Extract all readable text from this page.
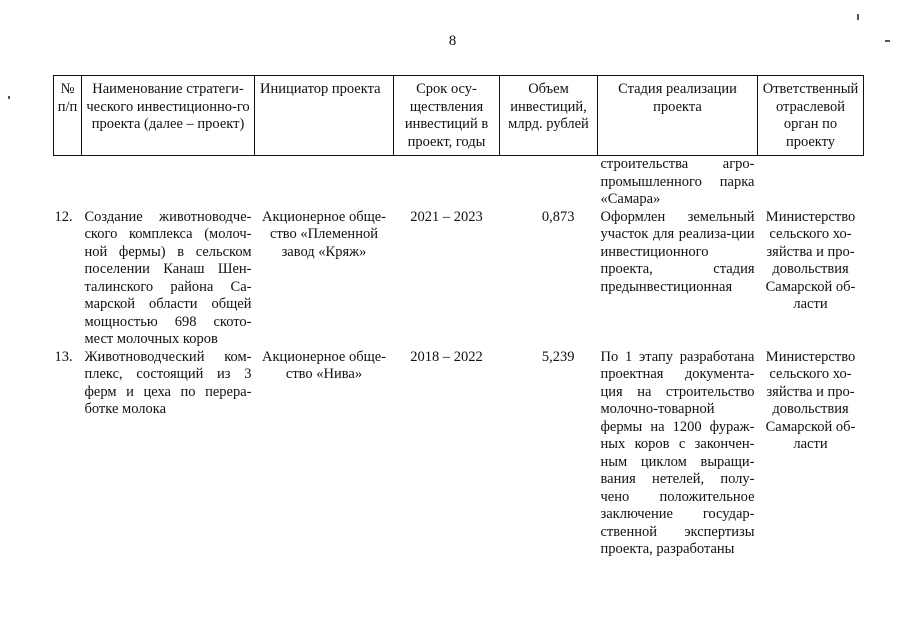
8
№ п/п	Наименование стратеги-ческого инвестиционно-го проекта (далее – проект)	Инициатор проекта	Срок осу-ществления инвестиций в проект, годы	Объем инвестиций, млрд. рублей	Стадия реализации проекта	Ответственный отраслевой орган по проекту
					строительства агро-промышленного парка «Самара»	
12.	Создание животноводче-ского комплекса (молоч-ной фермы) в сельском поселении Канаш Шен-талинского района Са-марской области общей мощностью 698 ското-мест молочных коров	Акционерное обще-ство «Племенной завод «Кряж»	2021 – 2023	0,873	Оформлен земельный участок для реализа-ции инвестиционного проекта, стадия предынвестиционная	Министерство сельского хо-зяйства и про-довольствия Самарской об-ласти
13.	Животноводческий ком-плекс, состоящий из 3 ферм и цеха по перера-ботке молока	Акционерное обще-ство «Нива»	2018 – 2022	5,239	По 1 этапу разработана проектная документа-ция на строительство молочно-товарной фермы на 1200 фураж-ных коров с закончен-ным циклом выращи-вания нетелей, полу-чено положительное заключение государ-ственной экспертизы проекта, разработаны	Министерство сельского хо-зяйства и про-довольствия Самарской об-ласти
